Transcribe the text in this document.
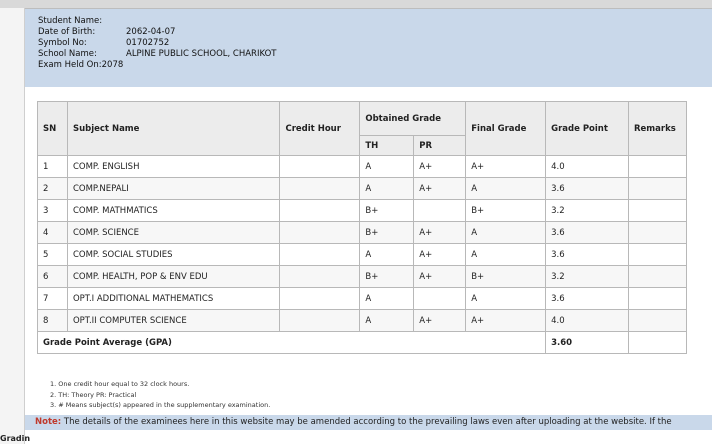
Student Name:
Date of Birth:	2062-04-07
Symbol No:	01702752
School Name:	ALPINE PUBLIC SCHOOL, CHARIKOT
Exam Held On:2078
SN	Subject Name	Credit Hour	Obtained Grade		Final Grade	Grade Point	Remarks
			TH	PR			
1	COMP. ENGLISH		A	A+	A+	4.0	
2	COMP.NEPALI		A	A+	A	3.6	
3	COMP. MATHMATICS		B+		B+	3.2	
4	COMP. SCIENCE		B+	A+	A	3.6	
5	COMP. SOCIAL STUDIES		A	A+	A	3.6	
6	COMP. HEALTH, POP & ENV EDU		B+	A+	B+	3.2	
7	OPT.I ADDITIONAL MATHEMATICS		A		A	3.6	
8	OPT.II COMPUTER SCIENCE		A	A+	A+	4.0	
Grade Point Average (GPA)						3.60	
1. One credit hour equal to 32 clock hours.
2. TH: Theory PR: Practical
3. # Means subject(s) appeared in the supplementary examination.
Note: The details of the examinees here in this website may be amended according to the prevailing laws even after uploading at the website. If the
Gradin
